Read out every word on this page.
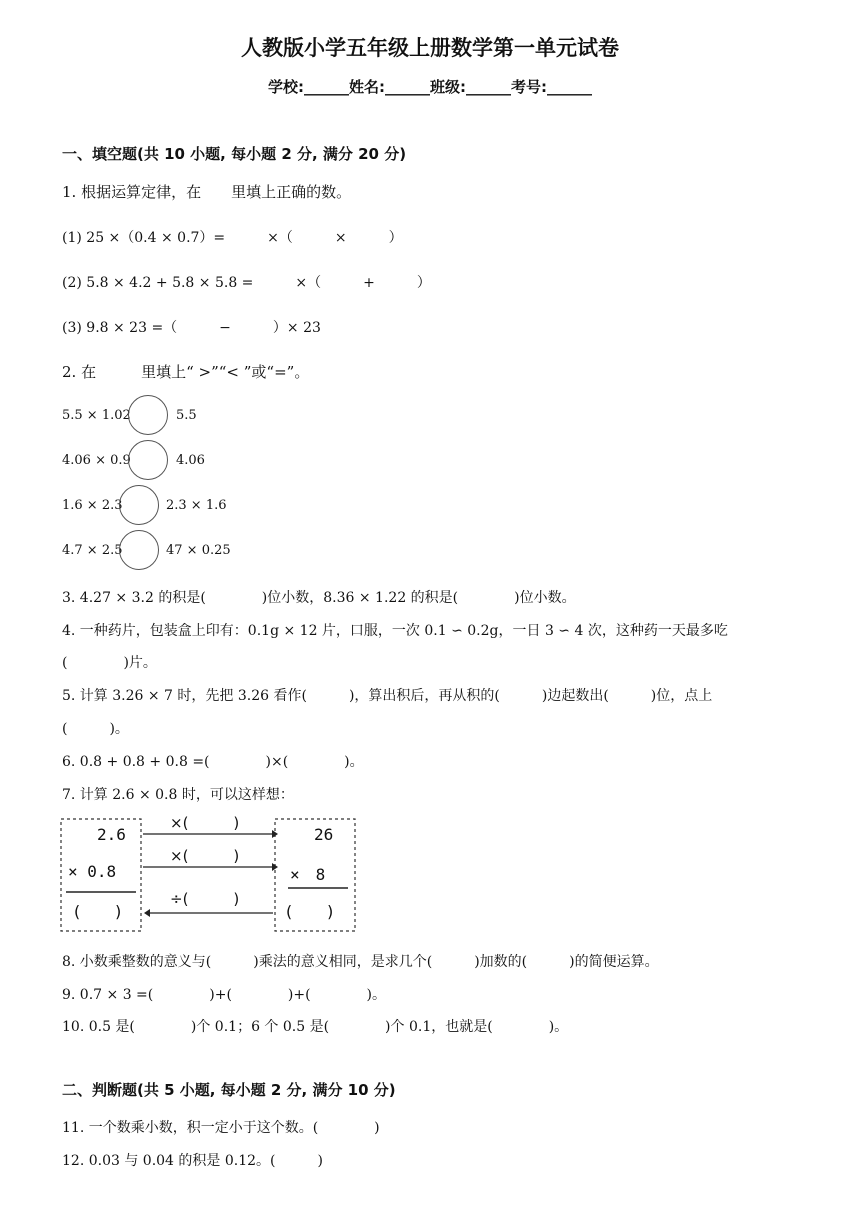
人教版小学五年级上册数学第一单元试卷
学校:______姓名:______班级:______考号:______
一、填空题(共 10 小题, 每小题 2 分, 满分 20 分)
1. 根据运算定律，在　　里填上正确的数。
(1) 25 ×（0.4 × 0.7）=　　　×（　　　×　　　）
(2) 5.8 × 4.2 + 5.8 × 5.8 =　　　×（　　　+　　　）
(3) 9.8 × 23 =（　　　−　　　）× 23
2. 在　　　里填上“ >”“< ”或“=”。
5.5 × 1.02	5.5
4.06 × 0.9	4.06
1.6 × 2.3	2.3 × 1.6
4.7 × 2.5	47 × 0.25
3. 4.27 × 3.2 的积是(　　　　)位小数，8.36 × 1.22 的积是(　　　　)位小数。
4. 一种药片，包装盒上印有：0.1g × 12 片，口服，一次 0.1 ∽ 0.2g，一日 3 ∽ 4 次，这种药一天最多吃
(　　　　)片。
5. 计算 3.26 × 7 时，先把 3.26 看作(　　　)，算出积后，再从积的(　　　)边起数出(　　　)位，点上
(　　　)。
6. 0.8 + 0.8 + 0.8 =(　　　　)×(　　　　)。
7. 计算 2.6 × 0.8 时，可以这样想：
2.6
× 0.8
(　　)
26
×　8
(　　)
×(　　　)
×(　　　)
÷(　　　)
8. 小数乘整数的意义与(　　　)乘法的意义相同，是求几个(　　　)加数的(　　　)的简便运算。
9. 0.7 × 3 =(　　　　)+(　　　　)+(　　　　)。
10. 0.5 是(　　　　)个 0.1；6 个 0.5 是(　　　　)个 0.1，也就是(　　　　)。
二、判断题(共 5 小题, 每小题 2 分, 满分 10 分)
11. 一个数乘小数，积一定小于这个数。(　　　　)
12. 0.03 与 0.04 的积是 0.12。(　　　)
